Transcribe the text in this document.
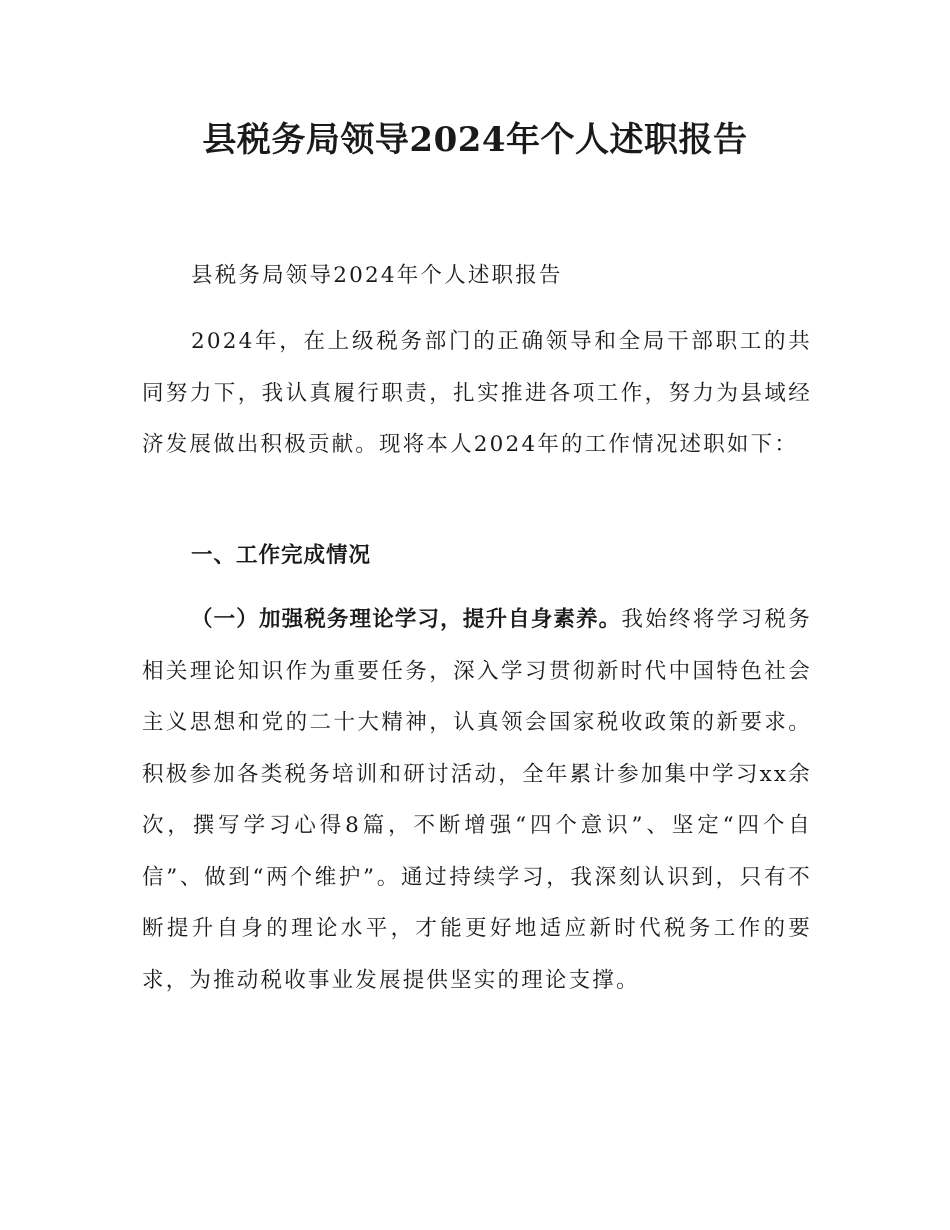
县税务局领导2024年个人述职报告

县税务局领导2024年个人述职报告

2024年，在上级税务部门的正确领导和全局干部职工的共同努力下，我认真履行职责，扎实推进各项工作，努力为县域经济发展做出积极贡献。现将本人2024年的工作情况述职如下：

一、工作完成情况

（一）加强税务理论学习，提升自身素养。我始终将学习税务相关理论知识作为重要任务，深入学习贯彻新时代中国特色社会主义思想和党的二十大精神，认真领会国家税收政策的新要求。积极参加各类税务培训和研讨活动，全年累计参加集中学习xx余次，撰写学习心得8篇，不断增强“四个意识”、坚定“四个自信”、做到“两个维护”。通过持续学习，我深刻认识到，只有不断提升自身的理论水平，才能更好地适应新时代税务工作的要求，为推动税收事业发展提供坚实的理论支撑。
